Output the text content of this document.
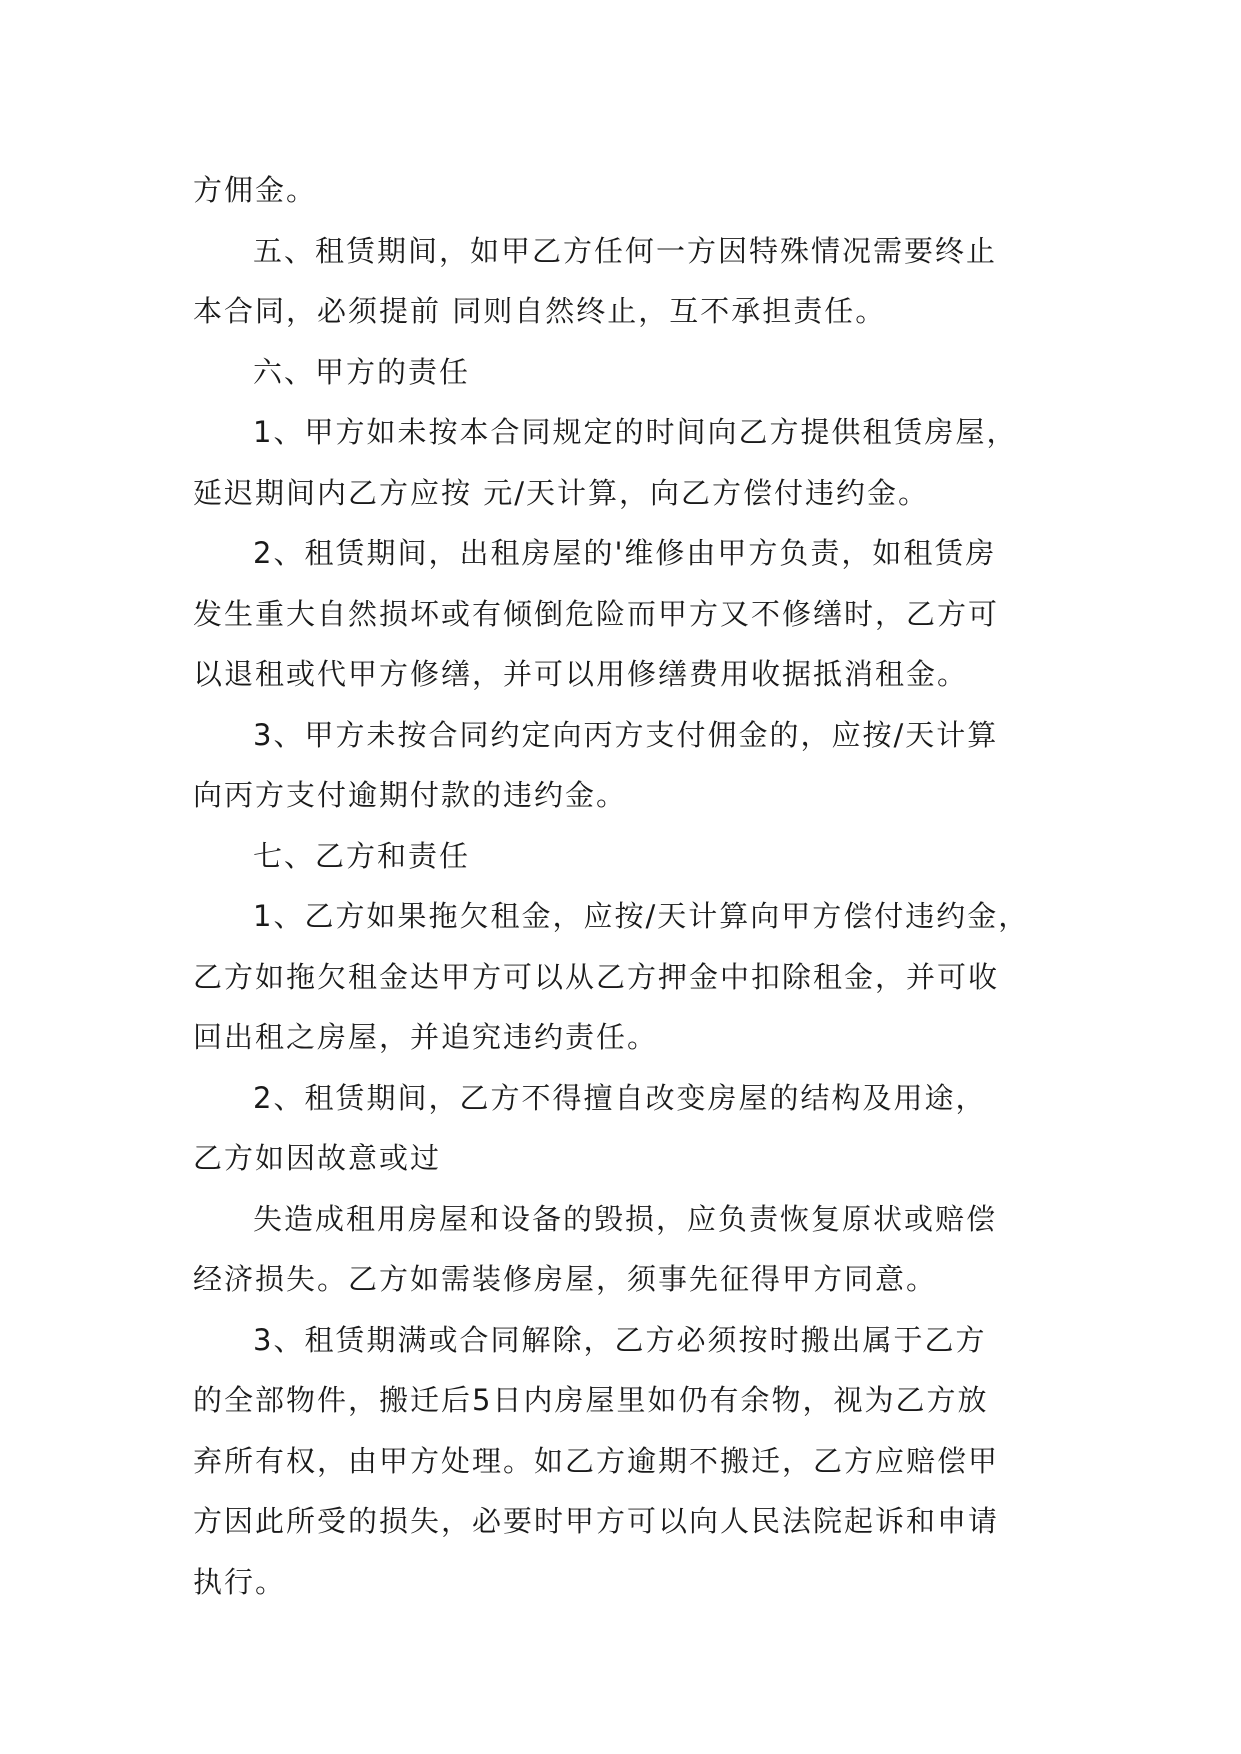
方佣金。
五、租赁期间，如甲乙方任何一方因特殊情况需要终止
本合同，必须提前 同则自然终止，互不承担责任。
六、甲方的责任
1、甲方如未按本合同规定的时间向乙方提供租赁房屋，
延迟期间内乙方应按 元/天计算，向乙方偿付违约金。
2、租赁期间，出租房屋的'维修由甲方负责，如租赁房
发生重大自然损坏或有倾倒危险而甲方又不修缮时，乙方可
以退租或代甲方修缮，并可以用修缮费用收据抵消租金。
3、甲方未按合同约定向丙方支付佣金的，应按/天计算
向丙方支付逾期付款的违约金。
七、乙方和责任
1、乙方如果拖欠租金，应按/天计算向甲方偿付违约金，
乙方如拖欠租金达甲方可以从乙方押金中扣除租金，并可收
回出租之房屋，并追究违约责任。
2、租赁期间，乙方不得擅自改变房屋的结构及用途，
乙方如因故意或过
失造成租用房屋和设备的毁损，应负责恢复原状或赔偿
经济损失。乙方如需装修房屋，须事先征得甲方同意。
3、租赁期满或合同解除，乙方必须按时搬出属于乙方
的全部物件，搬迁后5日内房屋里如仍有余物，视为乙方放
弃所有权，由甲方处理。如乙方逾期不搬迁，乙方应赔偿甲
方因此所受的损失，必要时甲方可以向人民法院起诉和申请
执行。
